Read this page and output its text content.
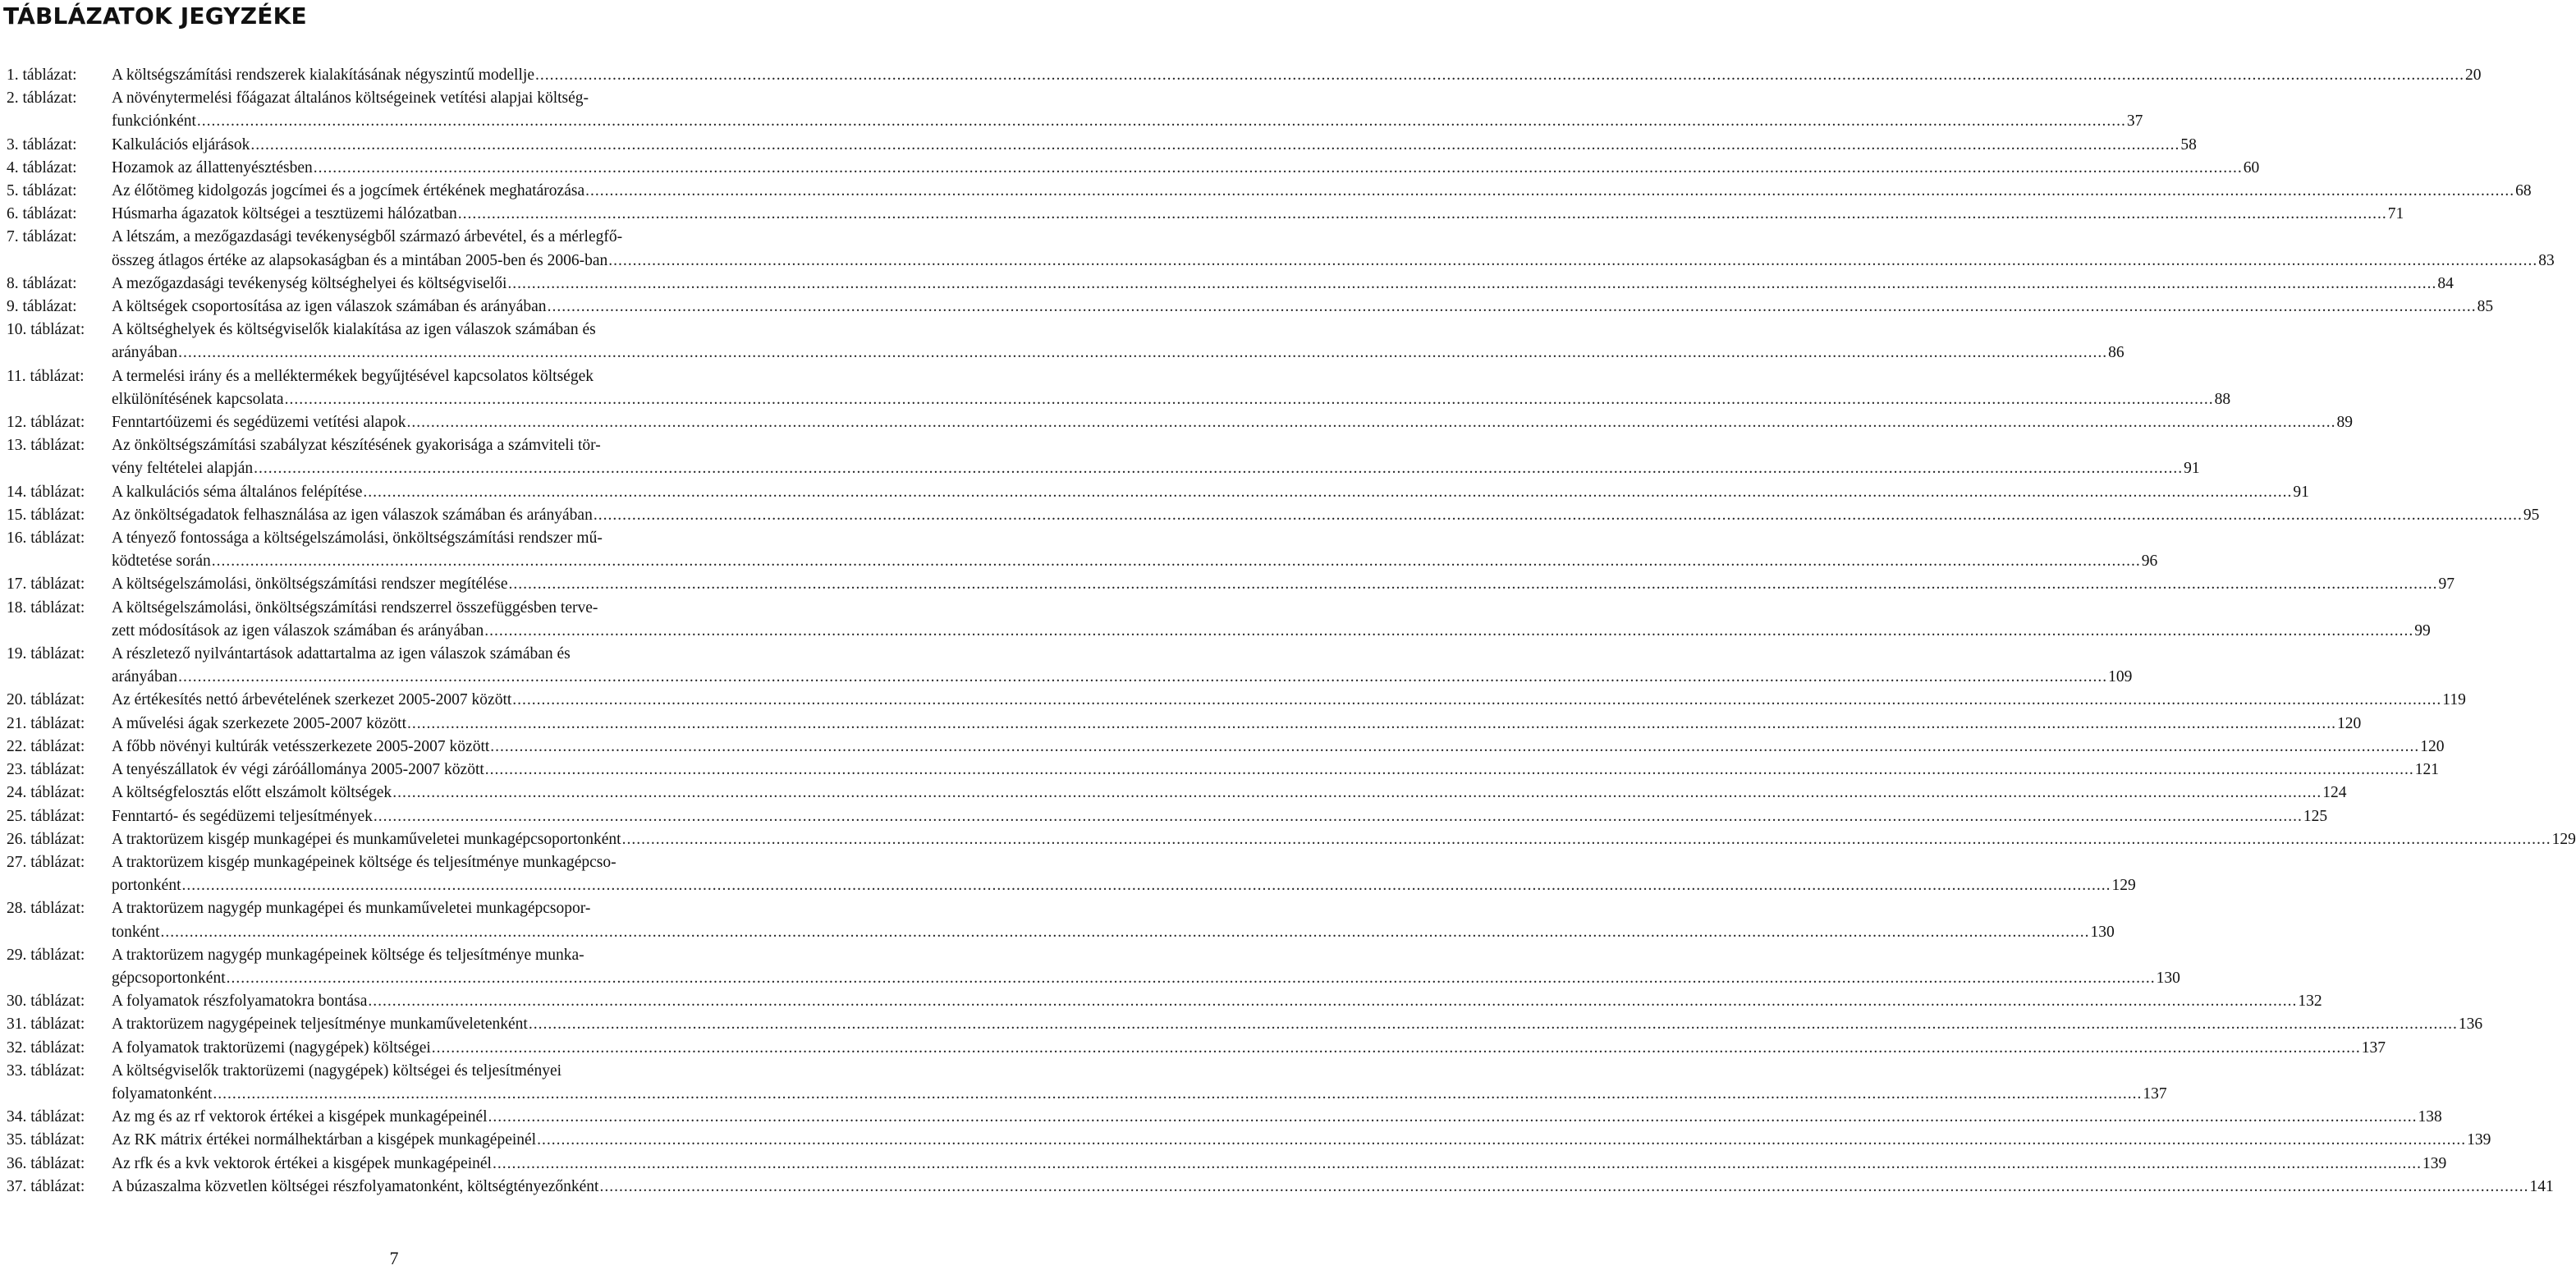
TÁBLÁZATOK JEGYZÉKE
1. táblázat: A költségszámítási rendszerek kialakításának négyszintű modellje ................................................................................................................................................................................................................................................................................................................................................................................................................ 20
2. táblázat: A növénytermelési főágazat általános költségeinek vetítési alapjai költség-
funkciónként ................................................................................................................................................................................................................................................................................................................................................................................................................ 37
3. táblázat: Kalkulációs eljárások ................................................................................................................................................................................................................................................................................................................................................................................................................ 58
4. táblázat: Hozamok az állattenyésztésben ................................................................................................................................................................................................................................................................................................................................................................................................................ 60
5. táblázat: Az élőtömeg kidolgozás jogcímei és a jogcímek értékének meghatározása ................................................................................................................................................................................................................................................................................................................................................................................................................ 68
6. táblázat: Húsmarha ágazatok költségei a tesztüzemi hálózatban ................................................................................................................................................................................................................................................................................................................................................................................................................ 71
7. táblázat: A létszám, a mezőgazdasági tevékenységből származó árbevétel, és a mérlegfő-
összeg átlagos értéke az alapsokaságban és a mintában 2005-ben és 2006-ban ................................................................................................................................................................................................................................................................................................................................................................................................................ 83
8. táblázat: A mezőgazdasági tevékenység költséghelyei és költségviselői ................................................................................................................................................................................................................................................................................................................................................................................................................ 84
9. táblázat: A költségek csoportosítása az igen válaszok számában és arányában ................................................................................................................................................................................................................................................................................................................................................................................................................ 85
10. táblázat: A költséghelyek és költségviselők kialakítása az igen válaszok számában és
arányában ................................................................................................................................................................................................................................................................................................................................................................................................................ 86
11. táblázat: A termelési irány és a melléktermékek begyűjtésével kapcsolatos költségek
elkülönítésének kapcsolata ................................................................................................................................................................................................................................................................................................................................................................................................................ 88
12. táblázat: Fenntartóüzemi és segédüzemi vetítési alapok ................................................................................................................................................................................................................................................................................................................................................................................................................ 89
13. táblázat: Az önköltségszámítási szabályzat készítésének gyakorisága a számviteli tör-
vény feltételei alapján ................................................................................................................................................................................................................................................................................................................................................................................................................ 91
14. táblázat: A kalkulációs séma általános felépítése ................................................................................................................................................................................................................................................................................................................................................................................................................ 91
15. táblázat: Az önköltségadatok felhasználása az igen válaszok számában és arányában ................................................................................................................................................................................................................................................................................................................................................................................................................ 95
16. táblázat: A tényező fontossága a költségelszámolási, önköltségszámítási rendszer mű-
ködtetése során ................................................................................................................................................................................................................................................................................................................................................................................................................ 96
17. táblázat: A költségelszámolási, önköltségszámítási rendszer megítélése ................................................................................................................................................................................................................................................................................................................................................................................................................ 97
18. táblázat: A költségelszámolási, önköltségszámítási rendszerrel összefüggésben terve-
zett módosítások az igen válaszok számában és arányában ................................................................................................................................................................................................................................................................................................................................................................................................................ 99
19. táblázat: A részletező nyilvántartások adattartalma az igen válaszok számában és
arányában ................................................................................................................................................................................................................................................................................................................................................................................................................ 109
20. táblázat: Az értékesítés nettó árbevételének szerkezet 2005-2007 között ................................................................................................................................................................................................................................................................................................................................................................................................................ 119
21. táblázat: A művelési ágak szerkezete 2005-2007 között ................................................................................................................................................................................................................................................................................................................................................................................................................ 120
22. táblázat: A főbb növényi kultúrák vetésszerkezete 2005-2007 között ................................................................................................................................................................................................................................................................................................................................................................................................................ 120
23. táblázat: A tenyészállatok év végi záróállománya 2005-2007 között ................................................................................................................................................................................................................................................................................................................................................................................................................ 121
24. táblázat: A költségfelosztás előtt elszámolt költségek ................................................................................................................................................................................................................................................................................................................................................................................................................ 124
25. táblázat: Fenntartó- és segédüzemi teljesítmények ................................................................................................................................................................................................................................................................................................................................................................................................................ 125
26. táblázat: A traktorüzem kisgép munkagépei és munkaműveletei munkagépcsoportonként ................................................................................................................................................................................................................................................................................................................................................................................................................ 129
27. táblázat: A traktorüzem kisgép munkagépeinek költsége és teljesítménye munkagépcso-
portonként ................................................................................................................................................................................................................................................................................................................................................................................................................ 129
28. táblázat: A traktorüzem nagygép munkagépei és munkaműveletei munkagépcsopor-
tonként ................................................................................................................................................................................................................................................................................................................................................................................................................ 130
29. táblázat: A traktorüzem nagygép munkagépeinek költsége és teljesítménye munka-
gépcsoportonként ................................................................................................................................................................................................................................................................................................................................................................................................................ 130
30. táblázat: A folyamatok részfolyamatokra bontása ................................................................................................................................................................................................................................................................................................................................................................................................................ 132
31. táblázat: A traktorüzem nagygépeinek teljesítménye munkaműveletenként ................................................................................................................................................................................................................................................................................................................................................................................................................ 136
32. táblázat: A folyamatok traktorüzemi (nagygépek) költségei ................................................................................................................................................................................................................................................................................................................................................................................................................ 137
33. táblázat: A költségviselők traktorüzemi (nagygépek) költségei és teljesítményei
folyamatonként ................................................................................................................................................................................................................................................................................................................................................................................................................ 137
34. táblázat: Az mg és az rf vektorok értékei a kisgépek munkagépeinél ................................................................................................................................................................................................................................................................................................................................................................................................................ 138
35. táblázat: Az RK mátrix értékei normálhektárban a kisgépek munkagépeinél ................................................................................................................................................................................................................................................................................................................................................................................................................ 139
36. táblázat: Az rfk és a kvk vektorok értékei a kisgépek munkagépeinél ................................................................................................................................................................................................................................................................................................................................................................................................................ 139
37. táblázat: A búzaszalma közvetlen költségei részfolyamatonként, költségtényezőnként ................................................................................................................................................................................................................................................................................................................................................................................................................ 141
7
